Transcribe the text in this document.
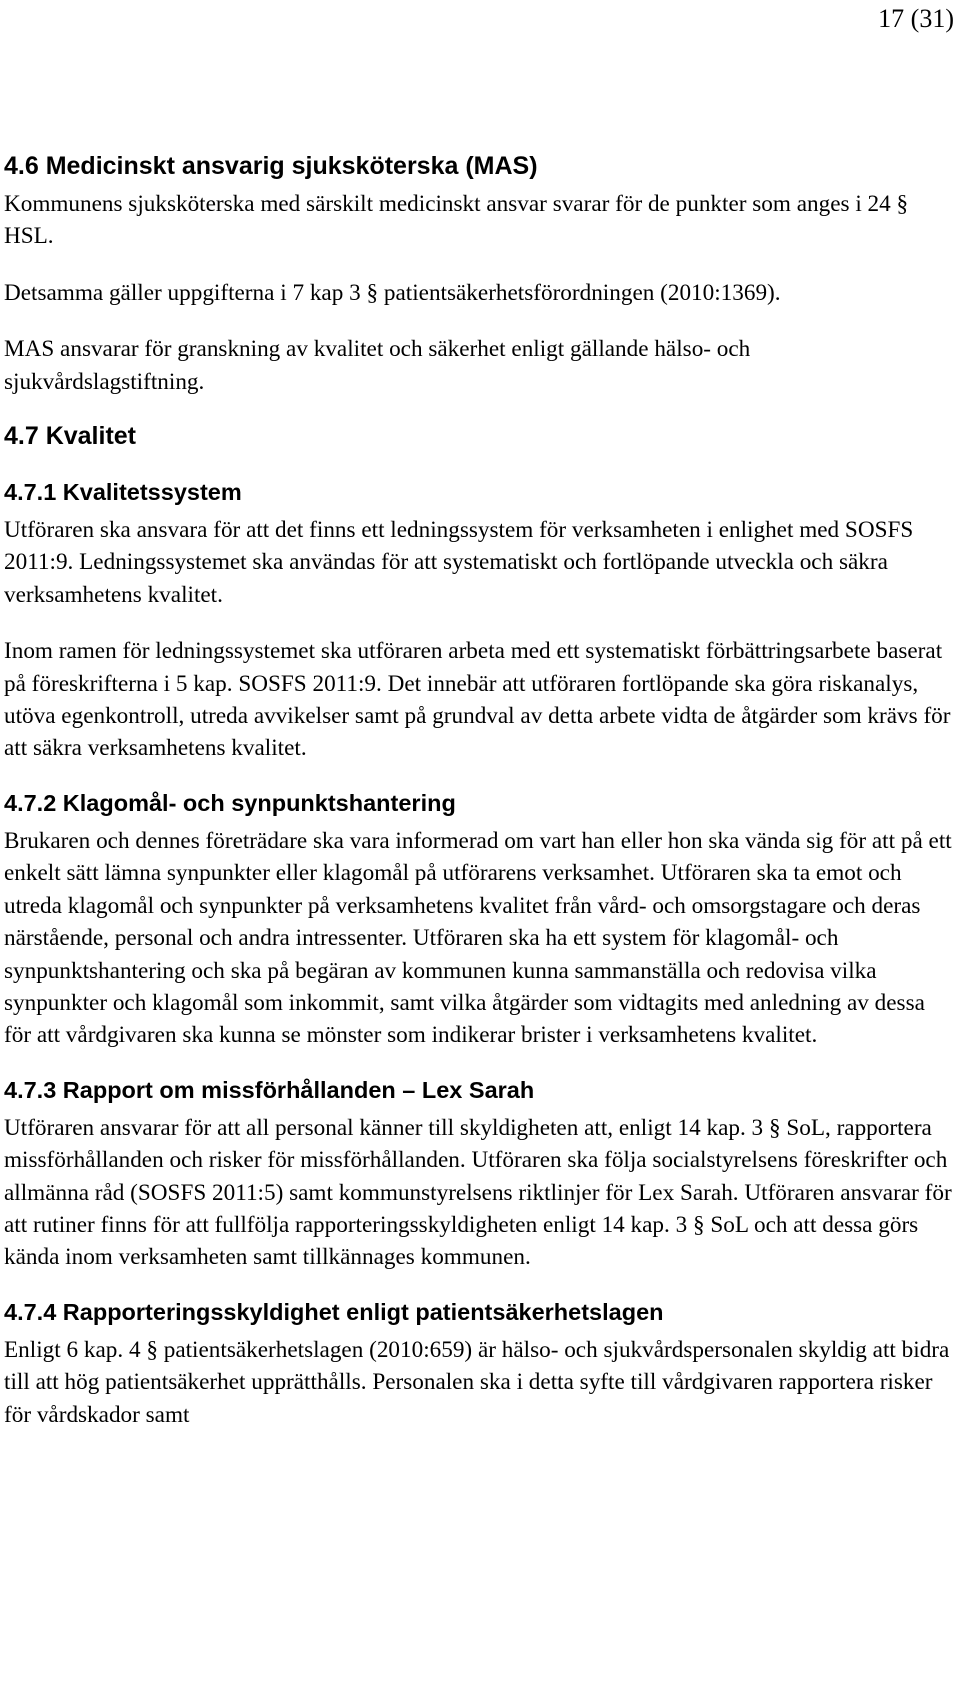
17 (31)
4.6 Medicinskt ansvarig sjuksköterska (MAS)

Kommunens sjuksköterska med särskilt medicinskt ansvar svarar för de punkter som anges i 24 § HSL.

Detsamma gäller uppgifterna i 7 kap 3 § patientsäkerhetsförordningen (2010:1369).

MAS ansvarar för granskning av kvalitet och säkerhet enligt gällande hälso- och sjukvårdslagstiftning.

4.7 Kvalitet
4.7.1 Kvalitetssystem

Utföraren ska ansvara för att det finns ett ledningssystem för verksamheten i enlighet med SOSFS 2011:9. Ledningssystemet ska användas för att systematiskt och fortlöpande utveckla och säkra verksamhetens kvalitet.

Inom ramen för ledningssystemet ska utföraren arbeta med ett systematiskt förbättringsarbete baserat på föreskrifterna i 5 kap. SOSFS 2011:9. Det innebär att utföraren fortlöpande ska göra riskanalys, utöva egenkontroll, utreda avvikelser samt på grundval av detta arbete vidta de åtgärder som krävs för att säkra verksamhetens kvalitet.

4.7.2 Klagomål- och synpunktshantering

Brukaren och dennes företrädare ska vara informerad om vart han eller hon ska vända sig för att på ett enkelt sätt lämna synpunkter eller klagomål på utförarens verksamhet. Utföraren ska ta emot och utreda klagomål och synpunkter på verksamhetens kvalitet från vård- och omsorgstagare och deras närstående, personal och andra intressenter. Utföraren ska ha ett system för klagomål- och synpunktshantering och ska på begäran av kommunen kunna sammanställa och redovisa vilka synpunkter och klagomål som inkommit, samt vilka åtgärder som vidtagits med anledning av dessa för att vårdgivaren ska kunna se mönster som indikerar brister i verksamhetens kvalitet.

4.7.3 Rapport om missförhållanden – Lex Sarah

Utföraren ansvarar för att all personal känner till skyldigheten att, enligt 14 kap. 3 § SoL, rapportera missförhållanden och risker för missförhållanden. Utföraren ska följa socialstyrelsens föreskrifter och allmänna råd (SOSFS 2011:5) samt kommunstyrelsens riktlinjer för Lex Sarah. Utföraren ansvarar för att rutiner finns för att fullfölja rapporteringsskyldigheten enligt 14 kap. 3 § SoL och att dessa görs kända inom verksamheten samt tillkännages kommunen.

4.7.4 Rapporteringsskyldighet enligt patientsäkerhetslagen

Enligt 6 kap. 4 § patientsäkerhetslagen (2010:659) är hälso- och sjukvårdspersonalen skyldig att bidra till att hög patientsäkerhet upprätthålls. Personalen ska i detta syfte till vårdgivaren rapportera risker för vårdskador samt
